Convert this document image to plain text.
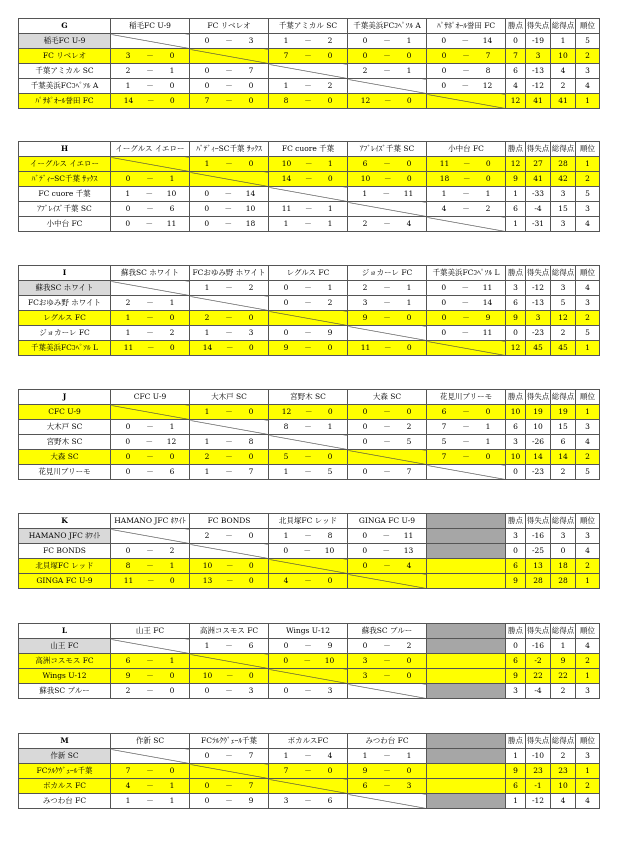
G	稲毛FC U-9	FC リベレオ	千葉アミカル SC	千葉美浜FCｺﾍﾟｿﾙ A	ﾊﾟｻﾎﾟｵｰﾙ誉田 FC	勝点	得失点	総得点	順位
稲毛FC U-9		0 － 3	1 － 2	0 － 1	0 － 14	0	-19	1	5
FC リベレオ	3 － 0		7 － 0	0 － 0	0 － 7	7	3	10	2
千葉アミカル SC	2 － 1	0 － 7		2 － 1	0 － 8	6	-13	4	3
千葉美浜FCｺﾍﾟｿﾙ A	1 － 0	0 － 0	1 － 2		0 － 12	4	-12	2	4
ﾊﾟｻﾎﾟｵｰﾙ誉田 FC	14 － 0	7 － 0	8 － 0	12 － 0		12	41	41	1
H	イーグルス イエロー	ﾊﾞﾃﾞｨｰSC千葉 ｻｯｸｽ	FC cuore 千葉	ｱﾌﾞﾚｲｽﾞ千葉 SC	小中台 FC	勝点	得失点	総得点	順位
イーグルス イエロー		1 － 0	10 － 1	6 － 0	11 － 0	12	27	28	1
ﾊﾞﾃﾞｨｰSC千葉 ｻｯｸｽ	0 － 1		14 － 0	10 － 0	18 － 0	9	41	42	2
FC cuore 千葉	1 － 10	0 － 14		1 － 11	1 － 1	1	-33	3	5
ｱﾌﾞﾚｲｽﾞ千葉 SC	0 － 6	0 － 10	11 － 1		4 － 2	6	-4	15	3
小中台 FC	0 － 11	0 － 18	1 － 1	2 － 4		1	-31	3	4
I	蘇我SC ホワイト	FCおゆみ野 ホワイト	レグルス FC	ジョカーレ FC	千葉美浜FCｺﾍﾟｿﾙ L	勝点	得失点	総得点	順位
蘇我SC ホワイト		1 － 2	0 － 1	2 － 1	0 － 11	3	-12	3	4
FCおゆみ野 ホワイト	2 － 1		0 － 2	3 － 1	0 － 14	6	-13	5	3
レグルス FC	1 － 0	2 － 0		9 － 0	0 － 9	9	3	12	2
ジョカーレ FC	1 － 2	1 － 3	0 － 9		0 － 11	0	-23	2	5
千葉美浜FCｺﾍﾟｿﾙ L	11 － 0	14 － 0	9 － 0	11 － 0		12	45	45	1
J	CFC U-9	大木戸 SC	宮野木 SC	大森 SC	花見川ブリーモ	勝点	得失点	総得点	順位
CFC U-9		1 － 0	12 － 0	0 － 0	6 － 0	10	19	19	1
大木戸 SC	0 － 1		8 － 1	0 － 2	7 － 1	6	10	15	3
宮野木 SC	0 － 12	1 － 8		0 － 5	5 － 1	3	-26	6	4
大森 SC	0 － 0	2 － 0	5 － 0		7 － 0	10	14	14	2
花見川ブリーモ	0 － 6	1 － 7	1 － 5	0 － 7		0	-23	2	5
K	HAMANO JFC ﾎﾜｲﾄ	FC BONDS	北貝塚FC レッド	GINGA FC U-9		勝点	得失点	総得点	順位
HAMANO JFC ﾎﾜｲﾄ		2 － 0	1 － 8	0 － 11		3	-16	3	3
FC BONDS	0 － 2		0 － 10	0 － 13		0	-25	0	4
北貝塚FC レッド	8 － 1	10 － 0		0 － 4		6	13	18	2
GINGA FC U-9	11 － 0	13 － 0	4 － 0			9	28	28	1
L	山王 FC	高洲コスモス FC	Wings U-12	蘇我SC ブルー		勝点	得失点	総得点	順位
山王 FC		1 － 6	0 － 9	0 － 2		0	-16	1	4
高洲コスモス FC	6 － 1		0 － 10	3 － 0		6	-2	9	2
Wings U-12	9 － 0	10 － 0		3 － 0		9	22	22	1
蘇我SC ブルー	2 － 0	0 － 3	0 － 3			3	-4	2	3
M	作新 SC	FCﾗﾙｸｳﾞｪｰﾙ千葉	ボカルスFC	みつわ台 FC		勝点	得失点	総得点	順位
作新 SC		0 － 7	1 － 4	1 － 1		1	-10	2	3
FCﾗﾙｸｳﾞｪｰﾙ千葉	7 － 0		7 － 0	9 － 0		9	23	23	1
ボカルス FC	4 － 1	0 － 7		6 － 3		6	-1	10	2
みつわ台 FC	1 － 1	0 － 9	3 － 6			1	-12	4	4
